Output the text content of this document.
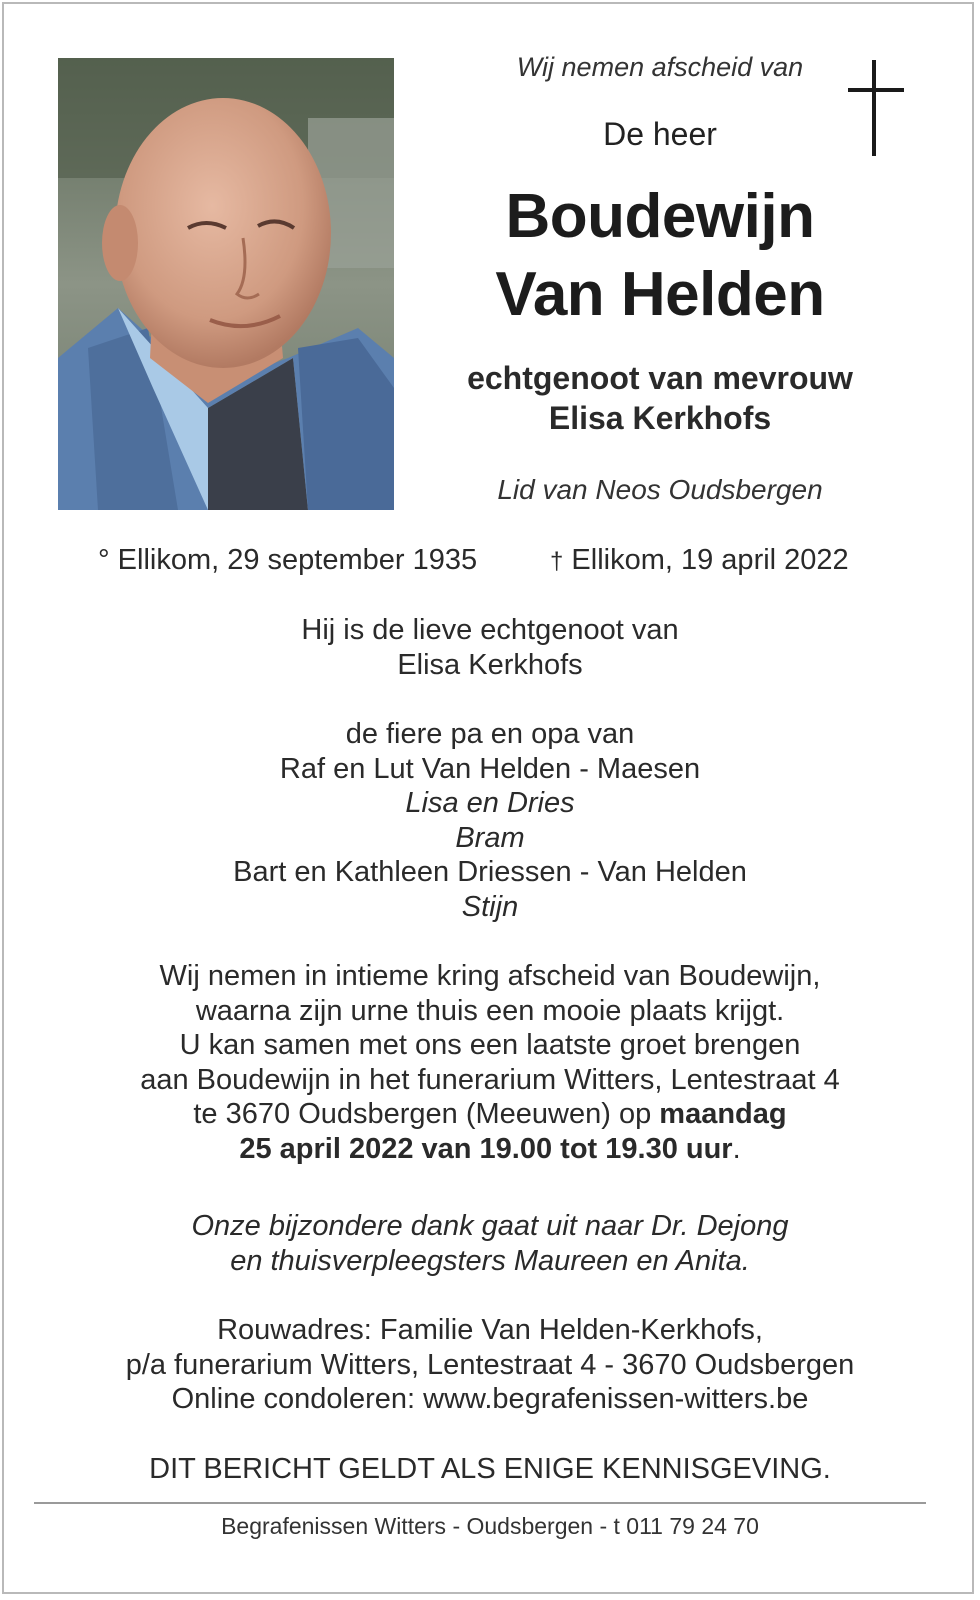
Wij nemen afscheid van
De heer
Boudewijn
Van Helden
echtgenoot van mevrouw
Elisa Kerkhofs
Lid van Neos Oudsbergen
° Ellikom, 29 september 1935	† Ellikom, 19 april 2022
Hij is de lieve echtgenoot van
Elisa Kerkhofs
de fiere pa en opa van
Raf en Lut Van Helden - Maesen
Lisa en Dries
Bram
Bart en Kathleen Driessen - Van Helden
Stijn
Wij nemen in intieme kring afscheid van Boudewijn,
waarna zijn urne thuis een mooie plaats krijgt.
U kan samen met ons een laatste groet brengen
aan Boudewijn in het funerarium Witters, Lentestraat 4
te 3670 Oudsbergen (Meeuwen) op maandag
25 april 2022 van 19.00 tot 19.30 uur.
Onze bijzondere dank gaat uit naar Dr. Dejong
en thuisverpleegsters Maureen en Anita.
Rouwadres: Familie Van Helden-Kerkhofs,
p/a funerarium Witters, Lentestraat 4 - 3670 Oudsbergen
Online condoleren: www.begrafenissen-witters.be
DIT BERICHT GELDT ALS ENIGE KENNISGEVING.
Begrafenissen Witters - Oudsbergen - t 011 79 24 70
